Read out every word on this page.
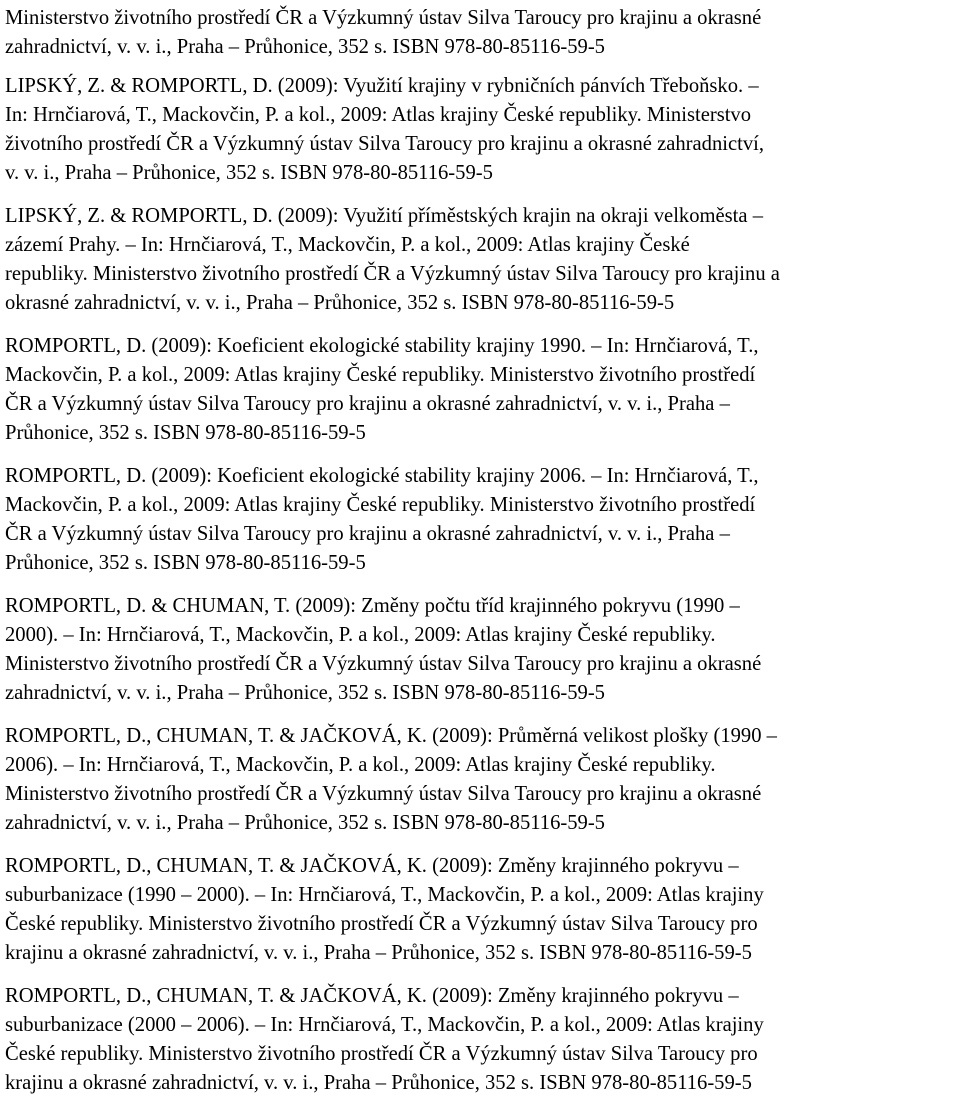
Ministerstvo životního prostředí ČR a Výzkumný ústav Silva Taroucy pro krajinu a okrasné
zahradnictví, v. v. i., Praha – Průhonice, 352 s. ISBN 978-80-85116-59-5
LIPSKÝ, Z. & ROMPORTL, D. (2009): Využití krajiny v rybničních pánvích Třeboňsko. –
In: Hrnčiarová, T., Mackovčin, P. a kol., 2009: Atlas krajiny České republiky. Ministerstvo
životního prostředí ČR a Výzkumný ústav Silva Taroucy pro krajinu a okrasné zahradnictví,
v. v. i., Praha – Průhonice, 352 s. ISBN 978-80-85116-59-5
LIPSKÝ, Z. & ROMPORTL, D. (2009): Využití příměstských krajin na okraji velkoměsta –
zázemí Prahy. – In: Hrnčiarová, T., Mackovčin, P. a kol., 2009: Atlas krajiny České
republiky. Ministerstvo životního prostředí ČR a Výzkumný ústav Silva Taroucy pro krajinu a
okrasné zahradnictví, v. v. i., Praha – Průhonice, 352 s. ISBN 978-80-85116-59-5
ROMPORTL, D. (2009): Koeficient ekologické stability krajiny 1990. – In: Hrnčiarová, T.,
Mackovčin, P. a kol., 2009: Atlas krajiny České republiky. Ministerstvo životního prostředí
ČR a Výzkumný ústav Silva Taroucy pro krajinu a okrasné zahradnictví, v. v. i., Praha –
Průhonice, 352 s. ISBN 978-80-85116-59-5
ROMPORTL, D. (2009): Koeficient ekologické stability krajiny 2006. – In: Hrnčiarová, T.,
Mackovčin, P. a kol., 2009: Atlas krajiny České republiky. Ministerstvo životního prostředí
ČR a Výzkumný ústav Silva Taroucy pro krajinu a okrasné zahradnictví, v. v. i., Praha –
Průhonice, 352 s. ISBN 978-80-85116-59-5
ROMPORTL, D. & CHUMAN, T. (2009): Změny počtu tříd krajinného pokryvu (1990 –
2000). – In: Hrnčiarová, T., Mackovčin, P. a kol., 2009: Atlas krajiny České republiky.
Ministerstvo životního prostředí ČR a Výzkumný ústav Silva Taroucy pro krajinu a okrasné
zahradnictví, v. v. i., Praha – Průhonice, 352 s. ISBN 978-80-85116-59-5
ROMPORTL, D., CHUMAN, T. & JAČKOVÁ, K. (2009): Průměrná velikost plošky (1990 –
2006). – In: Hrnčiarová, T., Mackovčin, P. a kol., 2009: Atlas krajiny České republiky.
Ministerstvo životního prostředí ČR a Výzkumný ústav Silva Taroucy pro krajinu a okrasné
zahradnictví, v. v. i., Praha – Průhonice, 352 s. ISBN 978-80-85116-59-5
ROMPORTL, D., CHUMAN, T. & JAČKOVÁ, K. (2009): Změny krajinného pokryvu –
suburbanizace (1990 – 2000). – In: Hrnčiarová, T., Mackovčin, P. a kol., 2009: Atlas krajiny
České republiky. Ministerstvo životního prostředí ČR a Výzkumný ústav Silva Taroucy pro
krajinu a okrasné zahradnictví, v. v. i., Praha – Průhonice, 352 s. ISBN 978-80-85116-59-5
ROMPORTL, D., CHUMAN, T. & JAČKOVÁ, K. (2009): Změny krajinného pokryvu –
suburbanizace (2000 – 2006). – In: Hrnčiarová, T., Mackovčin, P. a kol., 2009: Atlas krajiny
České republiky. Ministerstvo životního prostředí ČR a Výzkumný ústav Silva Taroucy pro
krajinu a okrasné zahradnictví, v. v. i., Praha – Průhonice, 352 s. ISBN 978-80-85116-59-5
